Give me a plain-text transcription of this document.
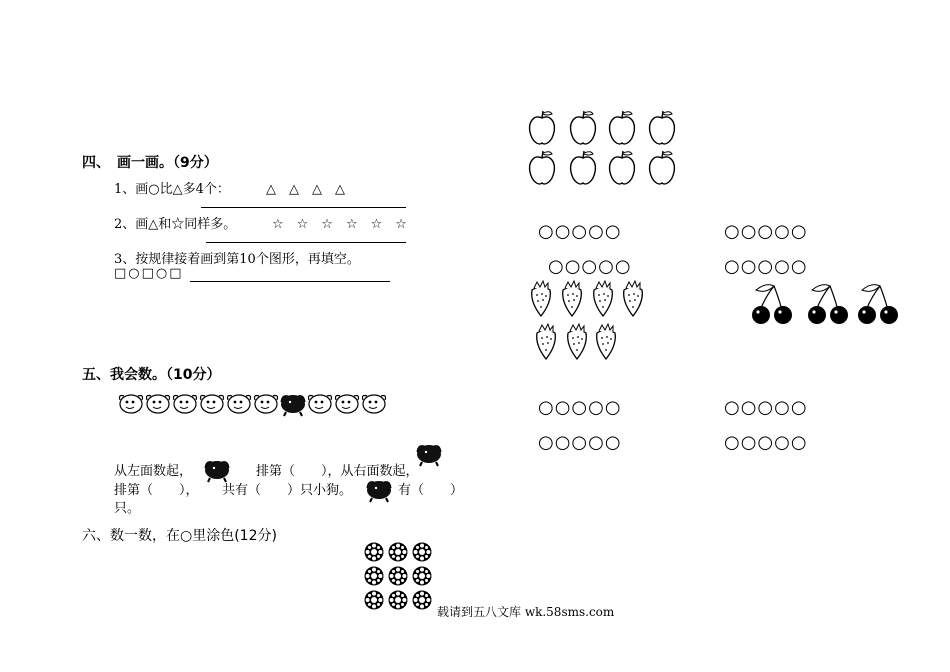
四、　画一画。（9分）
1、画○比△多4个：	△　△　△　△
2、画△和☆同样多。	☆　☆　☆　☆　☆　☆
3、按规律接着画到第10个图形，再填空。
□○□○□
五、我会数。（10分）
从左面数起，	排第（　　），从右面数起，
排第（　　）， 共有（　　）只小狗。	有（　　）
只。
六、数一数，在○里涂色(12分)
载请到五八文库 wk.58sms.com
○○○○○	○○○○○
○○○○○	○○○○○
○○○○○	○○○○○
○○○○○	○○○○○
